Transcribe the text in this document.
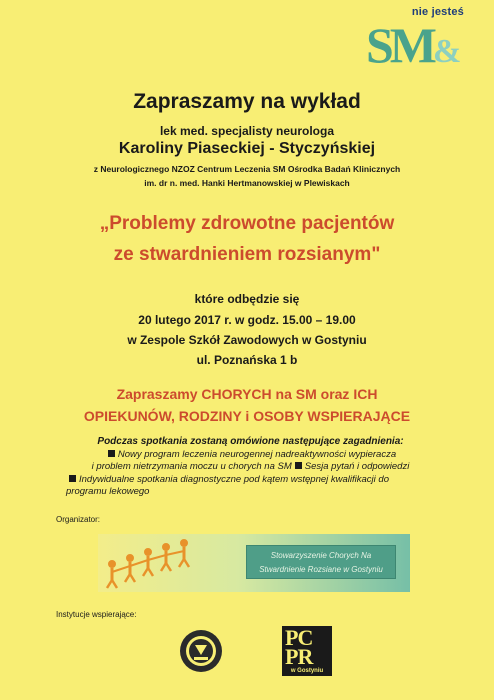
nie jesteś
SM&
Zapraszamy na wykład
lek med. specjalisty neurologa
Karoliny Piaseckiej - Styczyńskiej
z Neurologicznego NZOZ Centrum Leczenia SM Ośrodka Badań Klinicznych
im. dr n. med. Hanki Hertmanowskiej w Plewiskach
„Problemy zdrowotne pacjentów
ze stwardnieniem rozsianym"
które odbędzie się
20 lutego 2017 r. w godz. 15.00 – 19.00
w Zespole Szkół Zawodowych w Gostyniu
ul. Poznańska 1 b
Zapraszamy CHORYCH na SM oraz ICH
OPIEKUNÓW, RODZINY i OSOBY WSPIERAJĄCE
Podczas spotkania zostaną omówione następujące zagadnienia:
Nowy program leczenia neurogennej nadreaktywności wypieracza
i problem nietrzymania moczu u chorych na SM Sesja pytań i odpowiedzi
Indywidualne spotkania diagnostyczne pod kątem wstępnej kwalifikacji do
programu lekowego
Organizator:
Stowarzyszenie Chorych Na
Stwardnienie Rozsiane w Gostyniu
Instytucje wspierające:
PC
PR
w Gostyniu
